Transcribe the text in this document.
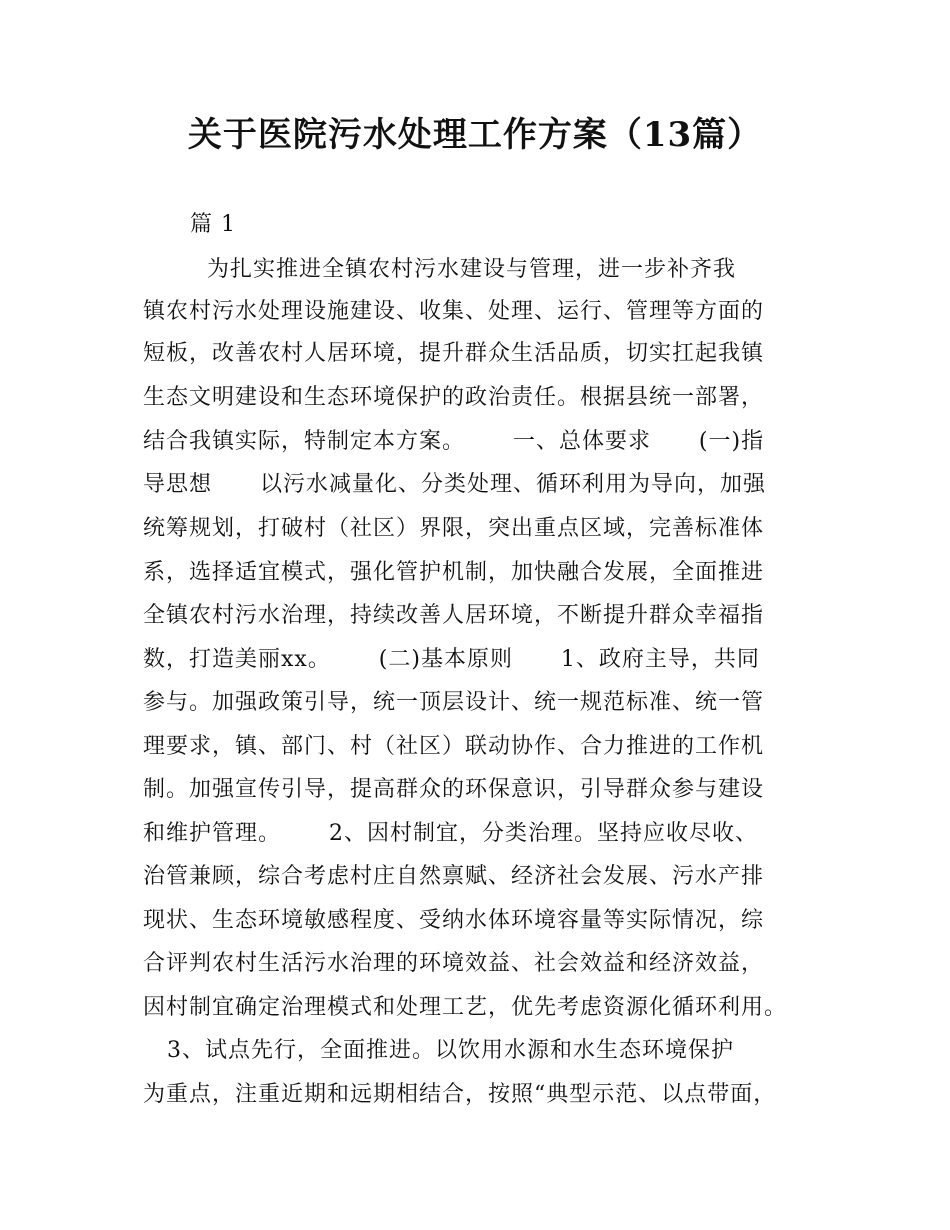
关于医院污水处理工作方案（13篇）
篇 1
为扎实推进全镇农村污水建设与管理，进一步补齐我
镇农村污水处理设施建设、收集、处理、运行、管理等方面的
短板，改善农村人居环境，提升群众生活品质，切实扛起我镇
生态文明建设和生态环境保护的政治责任。根据县统一部署，
结合我镇实际，特制定本方案。      一、总体要求      (一)指
导思想      以污水减量化、分类处理、循环利用为导向，加强
统筹规划，打破村（社区）界限，突出重点区域，完善标准体
系，选择适宜模式，强化管护机制，加快融合发展，全面推进
全镇农村污水治理，持续改善人居环境，不断提升群众幸福指
数，打造美丽xx。      (二)基本原则      1、政府主导，共同
参与。加强政策引导，统一顶层设计、统一规范标准、统一管
理要求，镇、部门、村（社区）联动协作、合力推进的工作机
制。加强宣传引导，提高群众的环保意识，引导群众参与建设
和维护管理。      2、因村制宜，分类治理。坚持应收尽收、
治管兼顾，综合考虑村庄自然禀赋、经济社会发展、污水产排
现状、生态环境敏感程度、受纳水体环境容量等实际情况，综
合评判农村生活污水治理的环境效益、社会效益和经济效益，
因村制宜确定治理模式和处理工艺，优先考虑资源化循环利用。
3、试点先行，全面推进。以饮用水源和水生态环境保护
为重点，注重近期和远期相结合，按照“典型示范、以点带面，
